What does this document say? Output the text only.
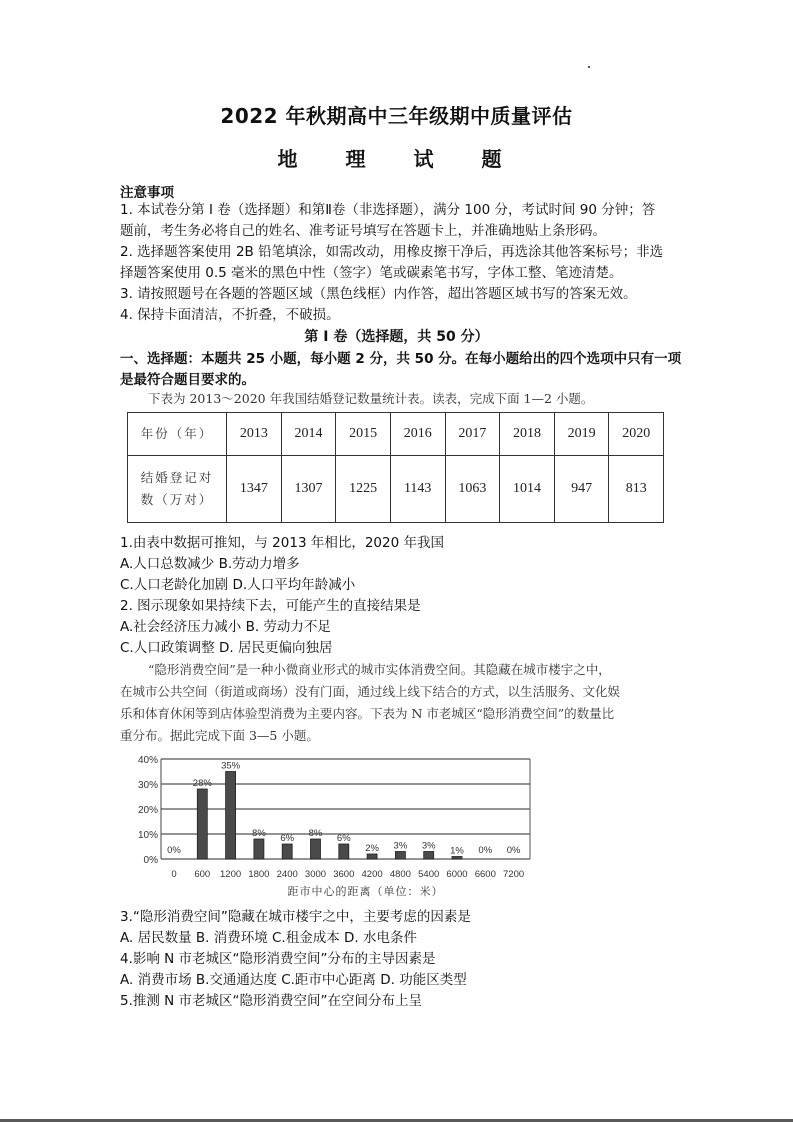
2022 年秋期高中三年级期中质量评估
地　理　试　题
注意事项
1. 本试卷分第 I 卷（选择题）和第Ⅱ卷（非选择题），满分 100 分，考试时间 90 分钟；答
题前，考生务必将自己的姓名、准考证号填写在答题卡上，并准确地贴上条形码。
2. 选择题答案使用 2B 铅笔填涂，如需改动，用橡皮擦干净后，再选涂其他答案标号；非选
择题答案使用 0.5 毫米的黑色中性（签字）笔或碳素笔书写，字体工整、笔迹清楚。
3. 请按照题号在各题的答题区域（黑色线框）内作答，超出答题区域书写的答案无效。
4. 保持卡面清洁，不折叠，不破损。
第 I 卷（选择题，共 50 分）
一、选择题：本题共 25 小题，每小题 2 分，共 50 分。在每小题给出的四个选项中只有一项
是最符合题目要求的。
下表为 2013～2020 年我国结婚登记数量统计表。读表，完成下面 1—2 小题。
年份（年）	2013	2014	2015	2016	2017	2018	2019	2020

结婚登记对
数（万对）	1347	1307	1225	1143	1063	1014	947	813
1.由表中数据可推知，与 2013 年相比，2020 年我国
A.人口总数减少 B.劳动力增多
C.人口老龄化加剧 D.人口平均年龄减小
2. 图示现象如果持续下去，可能产生的直接结果是
A.社会经济压力减小 B. 劳动力不足
C.人口政策调整 D. 居民更偏向独居
“隐形消费空间”是一种小微商业形式的城市实体消费空间。其隐藏在城市楼宇之中，
在城市公共空间（街道或商场）没有门面，通过线上线下结合的方式，以生活服务、文化娱
乐和体育休闲等到店体验型消费为主要内容。下表为 N 市老城区“隐形消费空间”的数量比
重分布。据此完成下面 3—5 小题。
0%
10%
20%
30%
40%
0%
0
28%
600
35%
1200
8%
1800
6%
2400
8%
3000
6%
3600
2%
4200
3%
4800
3%
5400
1%
6000
0%
6600
0%
7200
距市中心的距离（单位：米）
3.“隐形消费空间”隐藏在城市楼宇之中，主要考虑的因素是
A. 居民数量 B. 消费环境 C.租金成本 D. 水电条件
4.影响 N 市老城区“隐形消费空间”分布的主导因素是
A. 消费市场 B.交通通达度 C.距市中心距离 D. 功能区类型
5.推测 N 市老城区“隐形消费空间”在空间分布上呈
